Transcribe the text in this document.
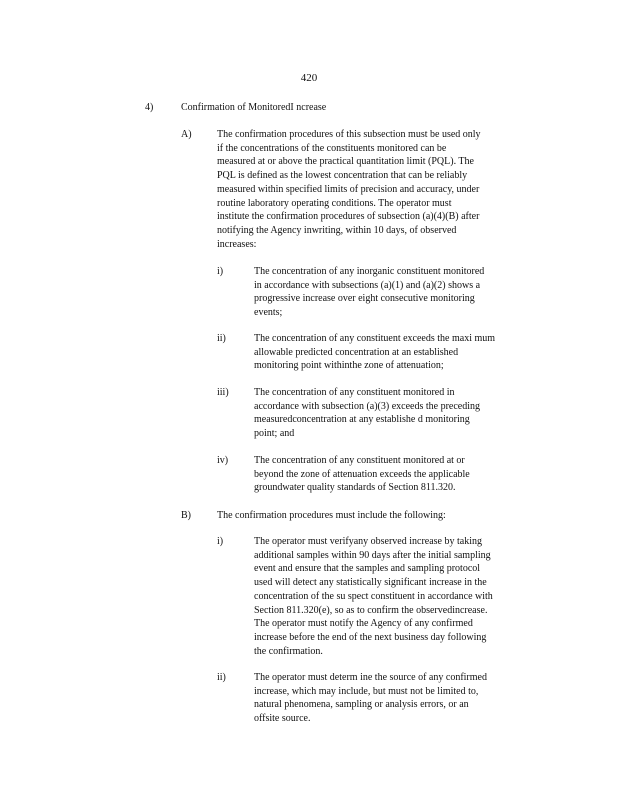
420
4)	Confirmation of MonitoredI ncrease
A)	The confirmation procedures of this subsection must be used only
if the concentrations of the constituents monitored can be
measured at or above the practical quantitation limit (PQL). The
PQL is defined as the lowest concentration that can be reliably
measured within specified limits of precision and accuracy, under
routine laboratory operating conditions. The operator must
institute the confirmation procedures of subsection (a)(4)(B) after
notifying the Agency inwriting, within 10 days, of observed
increases:
i)	The concentration of any inorganic constituent monitored
in accordance with subsections (a)(1) and (a)(2) shows a
progressive increase over eight consecutive monitoring
events;
ii)	The concentration of any constituent exceeds the maxi mum
allowable predicted concentration at an established
monitoring point withinthe zone of attenuation;
iii)	The concentration of any constituent monitored in
accordance with subsection (a)(3) exceeds the preceding
measuredconcentration at any establishe d monitoring
point; and
iv)	The concentration of any constituent monitored at or
beyond the zone of attenuation exceeds the applicable
groundwater quality standards of Section 811.320.
B)	The confirmation procedures must include the following:
i)	The operator must verifyany observed increase by taking
additional samples within 90 days after the initial sampling
event and ensure that the samples and sampling protocol
used will detect any statistically significant increase in the
concentration of the su spect constituent in accordance with
Section 811.320(e), so as to confirm the observedincrease.
The operator must notify the Agency of any confirmed
increase before the end of the next business day following
the confirmation.
ii)	The operator must determ ine the source of any confirmed
increase, which may include, but must not be limited to,
natural phenomena, sampling or analysis errors, or an
offsite source.
